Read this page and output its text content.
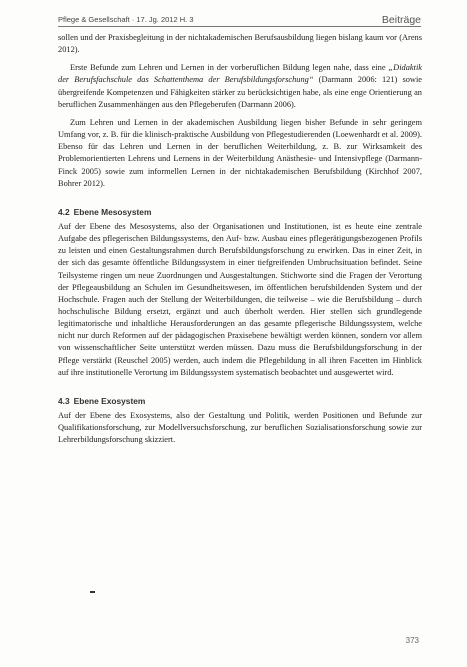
Pflege & Gesellschaft · 17. Jg. 2012 H. 3	Beiträge

sollen und der Praxisbegleitung in der nichtakademischen Berufsausbildung liegen bislang kaum vor (Arens 2012).

Erste Befunde zum Lehren und Lernen in der vorberuflichen Bildung legen nahe, dass eine „Didaktik der Berufsfachschule das Schattenthema der Berufsbildungsforschung“ (Darmann 2006: 121) sowie übergreifende Kompetenzen und Fähigkeiten stärker zu berücksichtigen habe, als eine enge Orientierung an beruflichen Zusammenhängen aus den Pflegeberufen (Darmann 2006).

Zum Lehren und Lernen in der akademischen Ausbildung liegen bisher Befunde in sehr geringem Umfang vor, z. B. für die klinisch-praktische Ausbildung von Pflegestudierenden (Loewenhardt et al. 2009). Ebenso für das Lehren und Lernen in der beruflichen Weiterbildung, z. B. zur Wirksamkeit des Problemorientierten Lehrens und Lernens in der Weiterbildung Anästhesie- und Intensivpflege (Darmann-Finck 2005) sowie zum informellen Lernen in der nichtakademischen Berufsbildung (Kirchhof 2007, Bohrer 2012).

4.2 Ebene Mesosystem

Auf der Ebene des Mesosystems, also der Organisationen und Institutionen, ist es heute eine zentrale Aufgabe des pflegerischen Bildungssystems, den Auf- bzw. Ausbau eines pflegerätigungsbezogenen Profils zu leisten und einen Gestaltungsrahmen durch Berufsbildungsforschung zu erwirken. Das in einer Zeit, in der sich das gesamte öffentliche Bildungssystem in einer tiefgreifenden Umbruchsituation befindet. Seine Teilsysteme ringen um neue Zuordnungen und Ausgestaltungen. Stichworte sind die Fragen der Verortung der Pflegeausbildung an Schulen im Gesundheitswesen, im öffentlichen berufsbildenden System und der Hochschule. Fragen auch der Stellung der Weiterbildungen, die teilweise – wie die Berufsbildung – durch hochschulische Bildung ersetzt, ergänzt und auch überholt werden. Hier stellen sich grundlegende legitimatorische und inhaltliche Herausforderungen an das gesamte pflegerische Bildungssystem, welche nicht nur durch Reformen auf der pädagogischen Praxisebene bewältigt werden können, sondern vor allem von wissenschaftlicher Seite unterstützt werden müssen. Dazu muss die Berufsbildungsforschung in der Pflege verstärkt (Reuschel 2005) werden, auch indem die Pflegebildung in all ihren Facetten im Hinblick auf ihre institutionelle Verortung im Bildungssystem systematisch beobachtet und ausgewertet wird.

4.3 Ebene Exosystem

Auf der Ebene des Exosystems, also der Gestaltung und Politik, werden Positionen und Befunde zur Qualifikationsforschung, zur Modellversuchsforschung, zur beruflichen Sozialisationsforschung sowie zur Lehrerbildungsforschung skizziert.

373
